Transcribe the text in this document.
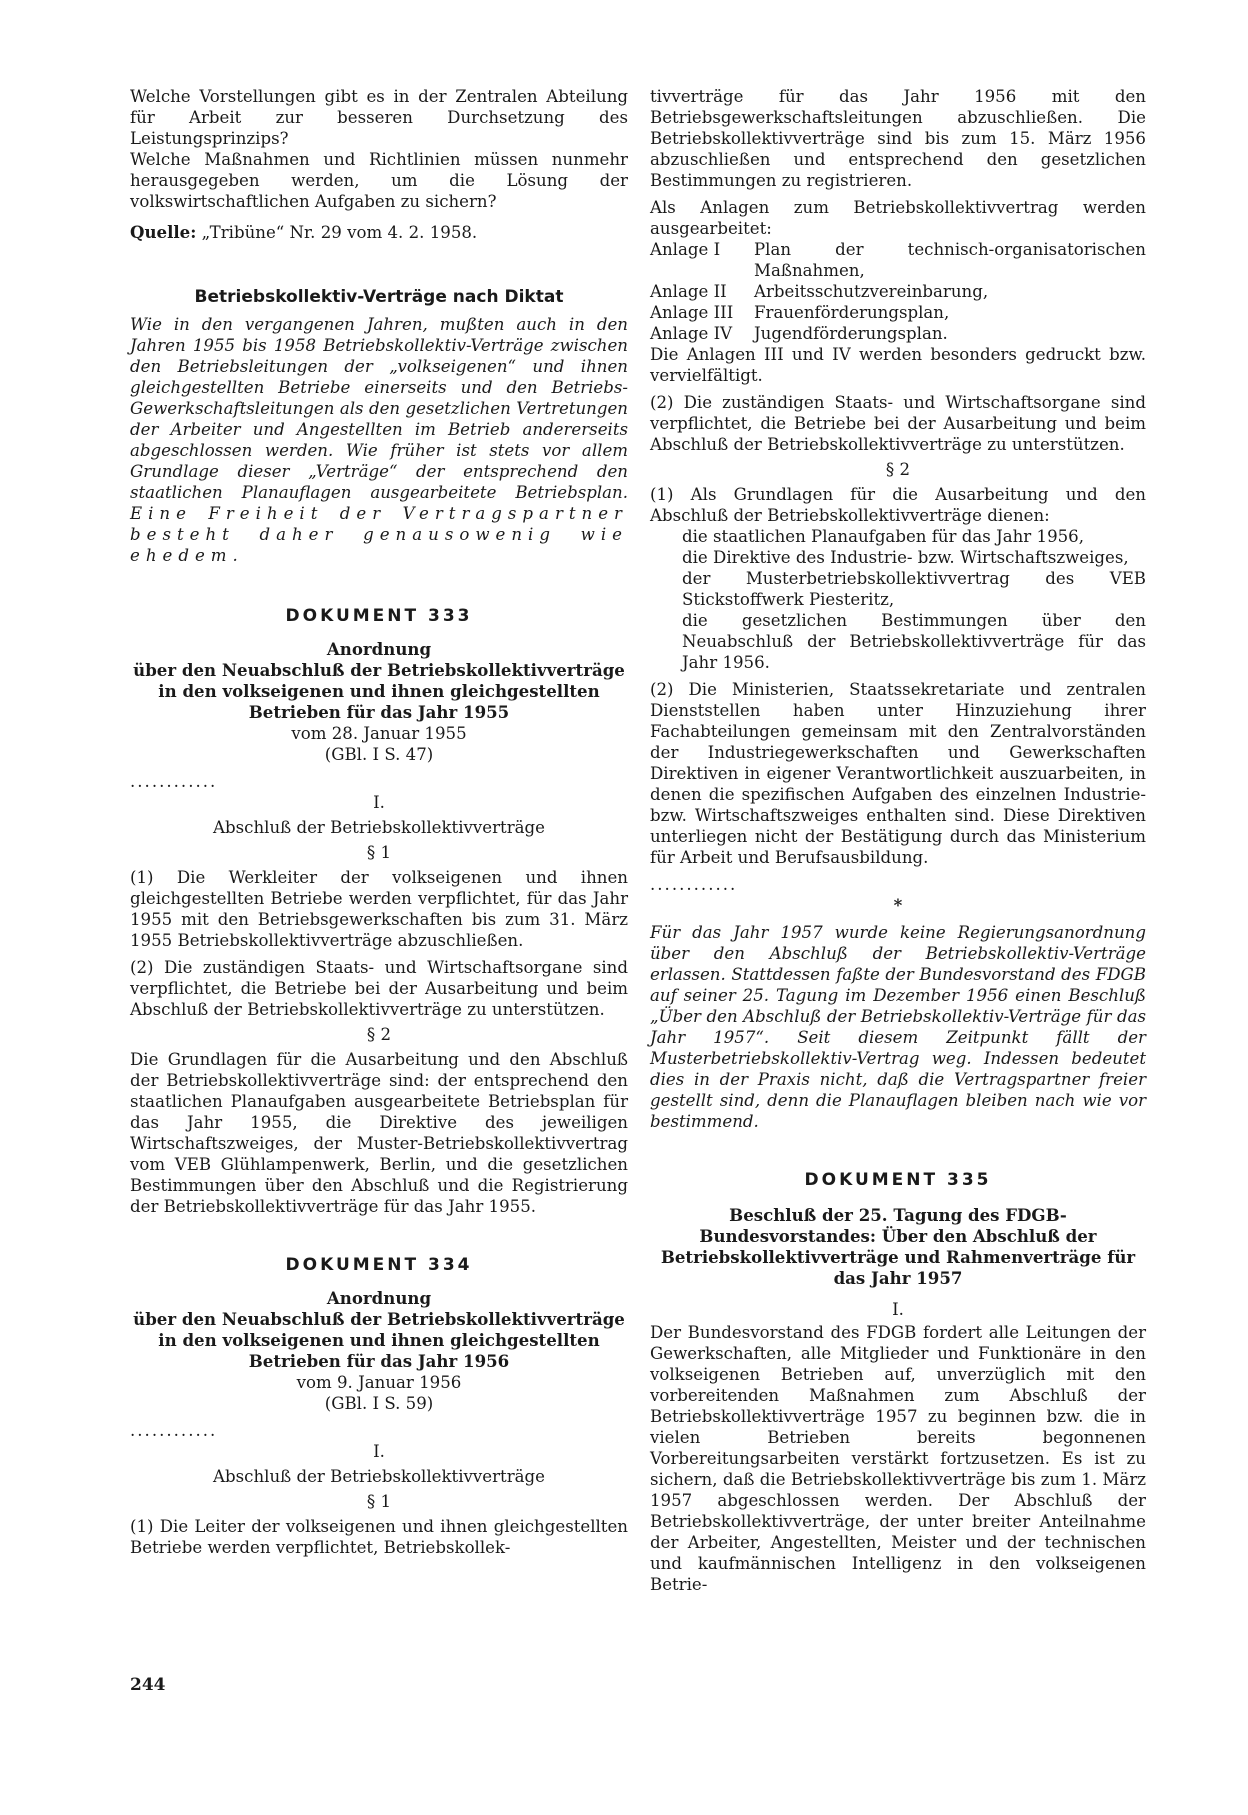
Welche Vorstellungen gibt es in der Zentralen Abteilung für Arbeit zur besseren Durchsetzung des Leistungsprinzips?

Welche Maßnahmen und Richtlinien müssen nunmehr herausgegeben werden, um die Lösung der volkswirtschaftlichen Aufgaben zu sichern?

Quelle: „Tribüne“ Nr. 29 vom 4. 2. 1958.

Betriebskollektiv-Verträge nach Diktat

Wie in den vergangenen Jahren, mußten auch in den Jahren 1955 bis 1958 Betriebskollektiv-Verträge zwischen den Betriebsleitungen der „volkseigenen“ und ihnen gleichgestellten Betriebe einerseits und den Betriebs-Gewerkschaftsleitungen als den gesetzlichen Vertretungen der Arbeiter und Angestellten im Betrieb andererseits abgeschlossen werden. Wie früher ist stets vor allem Grundlage dieser „Verträge“ der entsprechend den staatlichen Planauflagen ausgearbeitete Betriebsplan. Eine Freiheit der Vertragspartner besteht daher genausowenig wie ehedem.

DOKUMENT 333

Anordnung

über den Neuabschluß der Betriebskollektivverträge in den volkseigenen und ihnen gleichgestellten Betrieben für das Jahr 1955

vom 28. Januar 1955

(GBl. I S. 47)

............

I.

Abschluß der Betriebskollektivverträge

§ 1

(1) Die Werkleiter der volkseigenen und ihnen gleichgestellten Betriebe werden verpflichtet, für das Jahr 1955 mit den Betriebsgewerkschaften bis zum 31. März 1955 Betriebskollektivverträge abzuschließen.

(2) Die zuständigen Staats- und Wirtschaftsorgane sind verpflichtet, die Betriebe bei der Ausarbeitung und beim Abschluß der Betriebskollektivverträge zu unterstützen.

§ 2

Die Grundlagen für die Ausarbeitung und den Abschluß der Betriebskollektivverträge sind: der entsprechend den staatlichen Planaufgaben ausgearbeitete Betriebsplan für das Jahr 1955, die Direktive des jeweiligen Wirtschaftszweiges, der Muster-Betriebskollektivvertrag vom VEB Glühlampenwerk, Berlin, und die gesetzlichen Bestimmungen über den Abschluß und die Registrierung der Betriebskollektivverträge für das Jahr 1955.

DOKUMENT 334

Anordnung

über den Neuabschluß der Betriebskollektivverträge in den volkseigenen und ihnen gleichgestellten Betrieben für das Jahr 1956

vom 9. Januar 1956

(GBl. I S. 59)

............

I.

Abschluß der Betriebskollektivverträge

§ 1

(1) Die Leiter der volkseigenen und ihnen gleichgestellten Betriebe werden verpflichtet, Betriebskollek-

tivverträge für das Jahr 1956 mit den Betriebsgewerkschaftsleitungen abzuschließen. Die Betriebskollektivverträge sind bis zum 15. März 1956 abzuschließen und entsprechend den gesetzlichen Bestimmungen zu registrieren.

Als Anlagen zum Betriebskollektivvertrag werden ausgearbeitet:

Anlage I	Plan der technisch-organisatorischen Maßnahmen,
Anlage II	Arbeitsschutzvereinbarung,
Anlage III	Frauenförderungsplan,
Anlage IV	Jugendförderungsplan.

Die Anlagen III und IV werden besonders gedruckt bzw. vervielfältigt.

(2) Die zuständigen Staats- und Wirtschaftsorgane sind verpflichtet, die Betriebe bei der Ausarbeitung und beim Abschluß der Betriebskollektivverträge zu unterstützen.

§ 2

(1) Als Grundlagen für die Ausarbeitung und den Abschluß der Betriebskollektivverträge dienen:

die staatlichen Planaufgaben für das Jahr 1956,

die Direktive des Industrie- bzw. Wirtschaftszweiges,

der Musterbetriebskollektivvertrag des VEB Stickstoffwerk Piesteritz,

die gesetzlichen Bestimmungen über den Neuabschluß der Betriebskollektivverträge für das Jahr 1956.

(2) Die Ministerien, Staatssekretariate und zentralen Dienststellen haben unter Hinzuziehung ihrer Fachabteilungen gemeinsam mit den Zentralvorständen der Industriegewerkschaften und Gewerkschaften Direktiven in eigener Verantwortlichkeit auszuarbeiten, in denen die spezifischen Aufgaben des einzelnen Industrie- bzw. Wirtschaftszweiges enthalten sind. Diese Direktiven unterliegen nicht der Bestätigung durch das Ministerium für Arbeit und Berufsausbildung.

............

*

Für das Jahr 1957 wurde keine Regierungsanordnung über den Abschluß der Betriebskollektiv-Verträge erlassen. Stattdessen faßte der Bundesvorstand des FDGB auf seiner 25. Tagung im Dezember 1956 einen Beschluß „Über den Abschluß der Betriebskollektiv-Verträge für das Jahr 1957“. Seit diesem Zeitpunkt fällt der Musterbetriebskollektiv-Vertrag weg. Indessen bedeutet dies in der Praxis nicht, daß die Vertragspartner freier gestellt sind, denn die Planauflagen bleiben nach wie vor bestimmend.

DOKUMENT 335

Beschluß der 25. Tagung des FDGB-Bundesvorstandes: Über den Abschluß der Betriebskollektivverträge und Rahmenverträge für das Jahr 1957

I.

Der Bundesvorstand des FDGB fordert alle Leitungen der Gewerkschaften, alle Mitglieder und Funktionäre in den volkseigenen Betrieben auf, unverzüglich mit den vorbereitenden Maßnahmen zum Abschluß der Betriebskollektivverträge 1957 zu beginnen bzw. die in vielen Betrieben bereits begonnenen Vorbereitungsarbeiten verstärkt fortzusetzen. Es ist zu sichern, daß die Betriebskollektivverträge bis zum 1. März 1957 abgeschlossen werden. Der Abschluß der Betriebskollektivverträge, der unter breiter Anteilnahme der Arbeiter, Angestellten, Meister und der technischen und kaufmännischen Intelligenz in den volkseigenen Betrie-

244
